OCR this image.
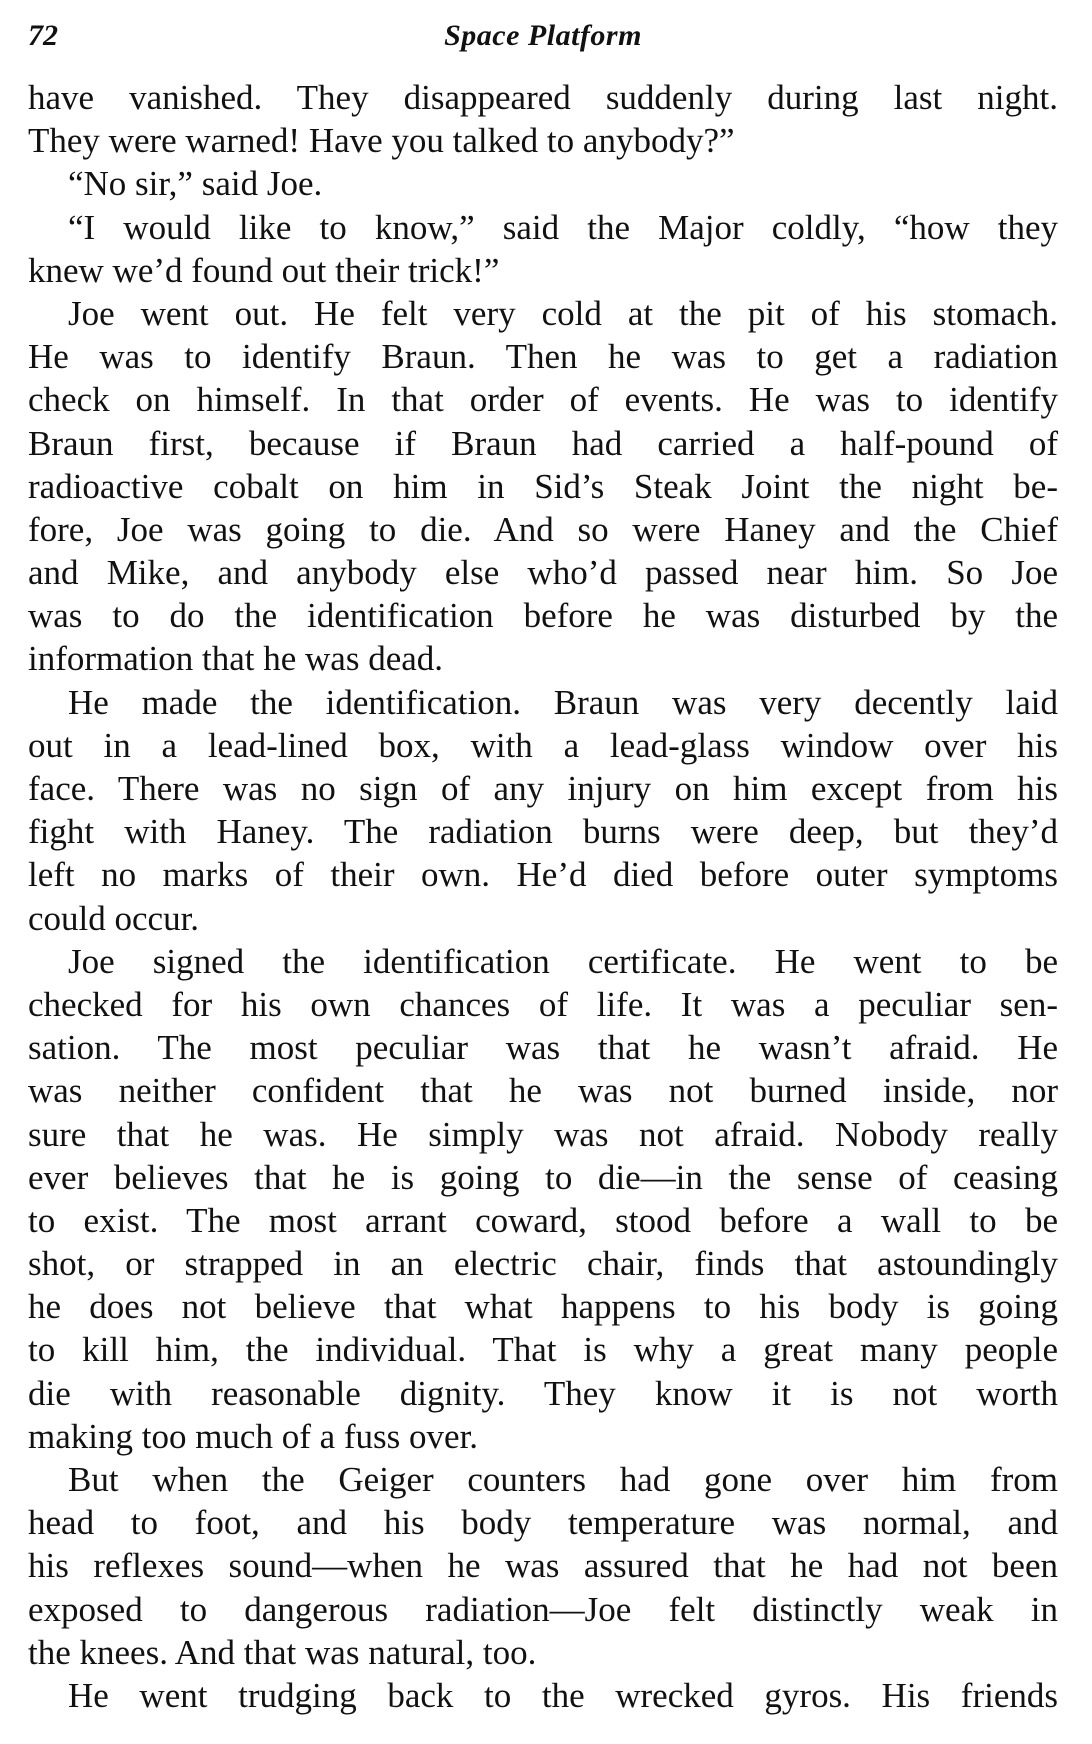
72	Space Platform
have vanished. They disappeared suddenly during last night.
They were warned! Have you talked to anybody?”
“No sir,” said Joe.
“I would like to know,” said the Major coldly, “how they
knew we’d found out their trick!”
Joe went out. He felt very cold at the pit of his stomach.
He was to identify Braun. Then he was to get a radiation
check on himself. In that order of events. He was to identify
Braun first, because if Braun had carried a half-pound of
radioactive cobalt on him in Sid’s Steak Joint the night be-
fore, Joe was going to die. And so were Haney and the Chief
and Mike, and anybody else who’d passed near him. So Joe
was to do the identification before he was disturbed by the
information that he was dead.
He made the identification. Braun was very decently laid
out in a lead-lined box, with a lead-glass window over his
face. There was no sign of any injury on him except from his
fight with Haney. The radiation burns were deep, but they’d
left no marks of their own. He’d died before outer symptoms
could occur.
Joe signed the identification certificate. He went to be
checked for his own chances of life. It was a peculiar sen-
sation. The most peculiar was that he wasn’t afraid. He
was neither confident that he was not burned inside, nor
sure that he was. He simply was not afraid. Nobody really
ever believes that he is going to die—in the sense of ceasing
to exist. The most arrant coward, stood before a wall to be
shot, or strapped in an electric chair, finds that astoundingly
he does not believe that what happens to his body is going
to kill him, the individual. That is why a great many people
die with reasonable dignity. They know it is not worth
making too much of a fuss over.
But when the Geiger counters had gone over him from
head to foot, and his body temperature was normal, and
his reflexes sound—when he was assured that he had not been
exposed to dangerous radiation—Joe felt distinctly weak in
the knees. And that was natural, too.
He went trudging back to the wrecked gyros. His friends
